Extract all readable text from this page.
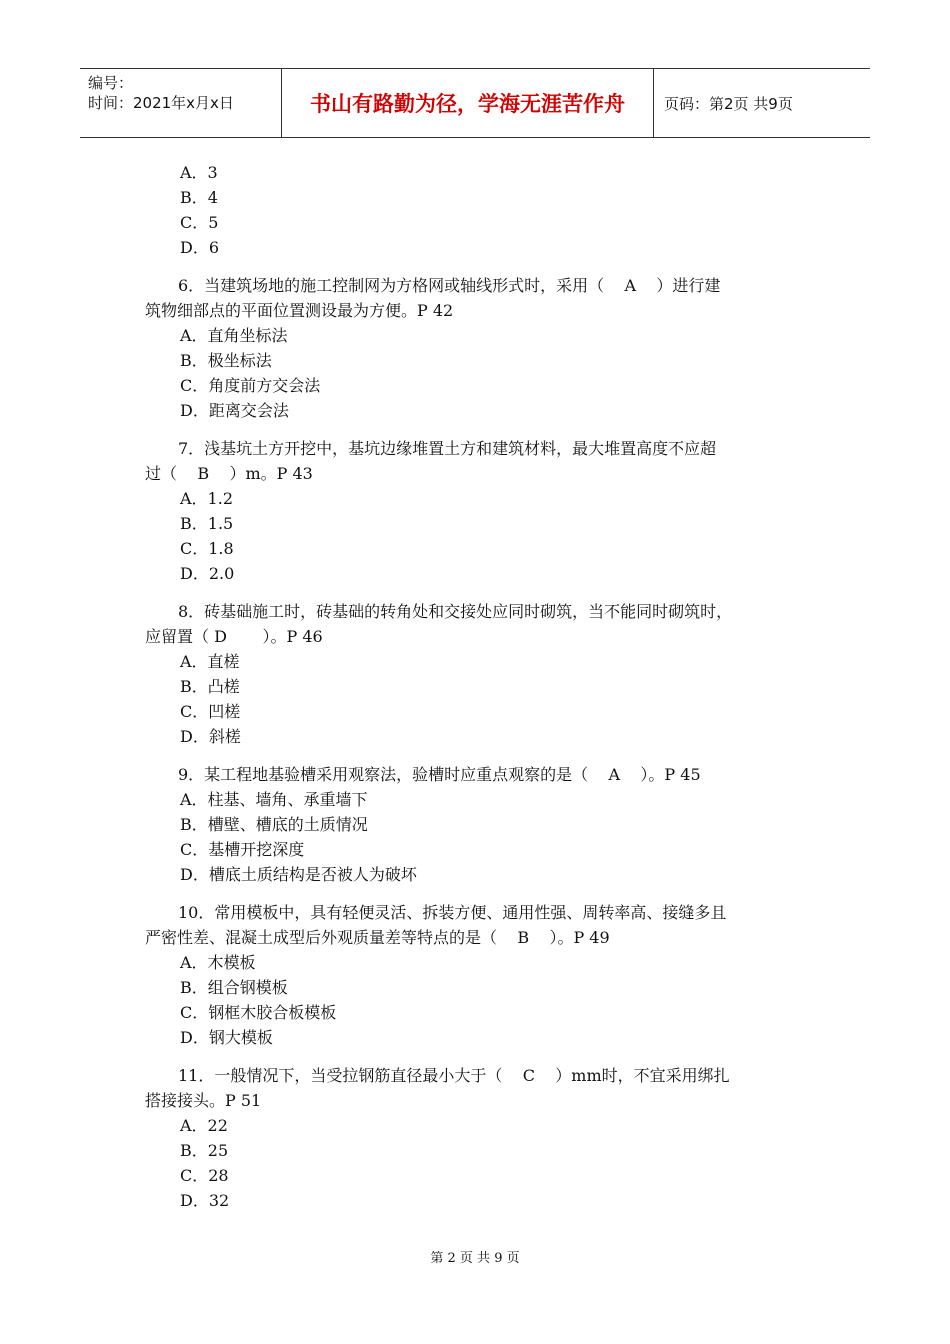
编号：
时间：2021年x月x日	书山有路勤为径，学海无涯苦作舟	页码：第2页 共9页
A．3
B．4
C．5
D．6
6．当建筑场地的施工控制网为方格网或轴线形式时，采用（    A    ）进行建
筑物细部点的平面位置测设最为方便。P 42
A．直角坐标法
B．极坐标法
C．角度前方交会法
D．距离交会法
7．浅基坑土方开挖中，基坑边缘堆置土方和建筑材料，最大堆置高度不应超
过（    B    ）m。P 43
A．1.2
B．1.5
C．1.8
D．2.0
8．砖基础施工时，砖基础的转角处和交接处应同时砌筑，当不能同时砌筑时，
应留置（ D       ）。P 46
A．直槎
B．凸槎
C．凹槎
D．斜槎
9．某工程地基验槽采用观察法，验槽时应重点观察的是（    A    ）。P 45
A．柱基、墙角、承重墙下
B．槽壁、槽底的土质情况
C．基槽开挖深度
D．槽底土质结构是否被人为破坏
10．常用模板中，具有轻便灵活、拆装方便、通用性强、周转率高、接缝多且
严密性差、混凝土成型后外观质量差等特点的是（    B    ）。P 49
A．木模板
B．组合钢模板
C．钢框木胶合板模板
D．钢大模板
11．一般情况下，当受拉钢筋直径最小大于（    C    ）mm时，不宜采用绑扎
搭接接头。P 51
A．22
B．25
C．28
D．32
第 2 页 共 9 页
